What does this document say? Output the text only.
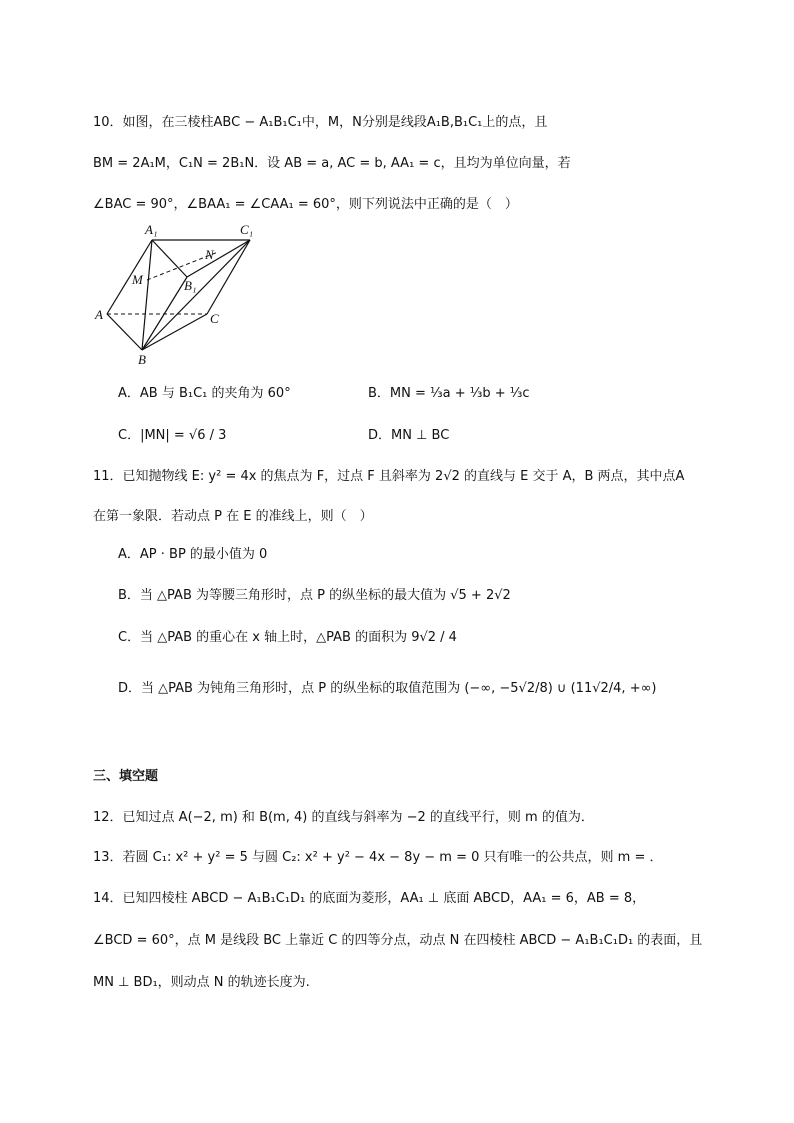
10．如图，在三棱柱ABC − A₁B₁C₁中，M，N分别是线段A₁B,B₁C₁上的点，且
BM = 2A₁M，C₁N = 2B₁N．设 AB = a, AC = b, AA₁ = c，且均为单位向量，若
∠BAC = 90°，∠BAA₁ = ∠CAA₁ = 60°，则下列说法中正确的是（　）
A₁	C₁
N
M	B₁
A	C
B
A．AB 与 B₁C₁ 的夹角为 60°	B．MN = ⅓a + ⅓b + ⅓c
C．|MN| = √6 / 3	D．MN ⊥ BC
11．已知抛物线 E: y² = 4x 的焦点为 F，过点 F 且斜率为 2√2 的直线与 E 交于 A，B 两点，其中点A
在第一象限．若动点 P 在 E 的准线上，则（　）
A．AP · BP 的最小值为 0
B．当 △PAB 为等腰三角形时，点 P 的纵坐标的最大值为 √5 + 2√2
C．当 △PAB 的重心在 x 轴上时，△PAB 的面积为 9√2 / 4
D．当 △PAB 为钝角三角形时，点 P 的纵坐标的取值范围为 (−∞, −5√2/8) ∪ (11√2/4, +∞)
三、填空题
12．已知过点 A(−2, m) 和 B(m, 4) 的直线与斜率为 −2 的直线平行，则 m 的值为．
13．若圆 C₁: x² + y² = 5 与圆 C₂: x² + y² − 4x − 8y − m = 0 只有唯一的公共点，则 m = ．
14．已知四棱柱 ABCD − A₁B₁C₁D₁ 的底面为菱形，AA₁ ⊥ 底面 ABCD，AA₁ = 6，AB = 8，
∠BCD = 60°，点 M 是线段 BC 上靠近 C 的四等分点，动点 N 在四棱柱 ABCD − A₁B₁C₁D₁ 的表面，且
MN ⊥ BD₁，则动点 N 的轨迹长度为.
